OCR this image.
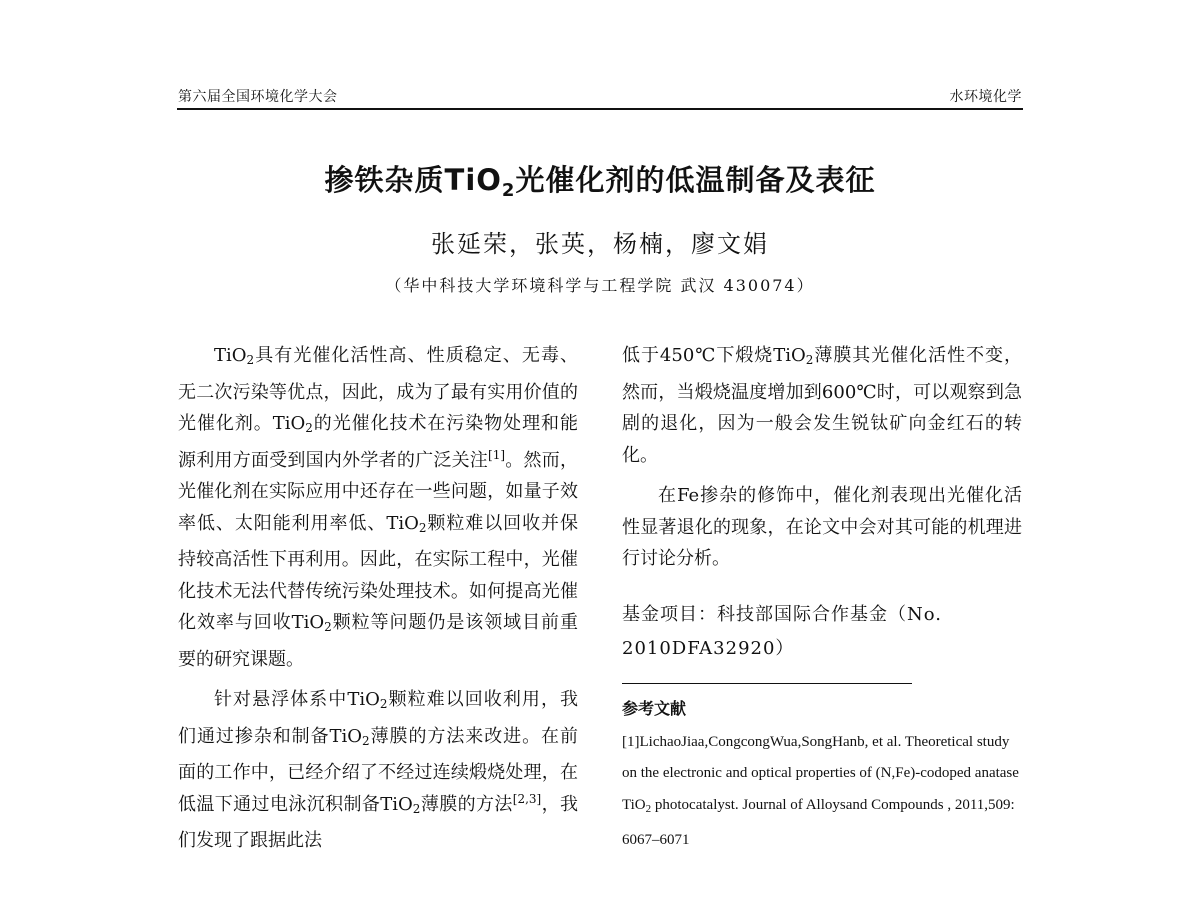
第六届全国环境化学大会	水环境化学
掺铁杂质TiO$_2$光催化剂的低温制备及表征
张延荣，张英，杨楠，廖文娟
（华中科技大学环境科学与工程学院 武汉 430074）

TiO$_2$具有光催化活性高、性质稳定、无毒、无二次污染等优点，因此，成为了最有实用价值的光催化剂。TiO$_2$的光催化技术在污染物处理和能源利用方面受到国内外学者的广泛关注[1]。然而，光催化剂在实际应用中还存在一些问题，如量子效率低、太阳能利用率低、TiO$_2$颗粒难以回收并保持较高活性下再利用。因此，在实际工程中，光催化技术无法代替传统污染处理技术。如何提高光催化效率与回收TiO$_2$颗粒等问题仍是该领域目前重要的研究课题。

针对悬浮体系中TiO$_2$颗粒难以回收利用，我们通过掺杂和制备TiO$_2$薄膜的方法来改进。在前面的工作中，已经介绍了不经过连续煅烧处理，在低温下通过电泳沉积制备TiO$_2$薄膜的方法[2,3]，我们发现了跟据此法

低于450℃下煅烧TiO$_2$薄膜其光催化活性不变，然而，当煅烧温度增加到600℃时，可以观察到急剧的退化，因为一般会发生锐钛矿向金红石的转化。

在Fe掺杂的修饰中，催化剂表现出光催化活性显著退化的现象，在论文中会对其可能的机理进行讨论分析。

基金项目：科技部国际合作基金（No. 2010DFA32920）
参考文献
[1]LichaoJiaa,CongcongWua,SongHanb, et al. Theoretical study on the electronic and optical properties of (N,Fe)-codoped anatase TiO$_2$ photocatalyst. Journal of Alloysand Compounds , 2011,509: 6067–6071
